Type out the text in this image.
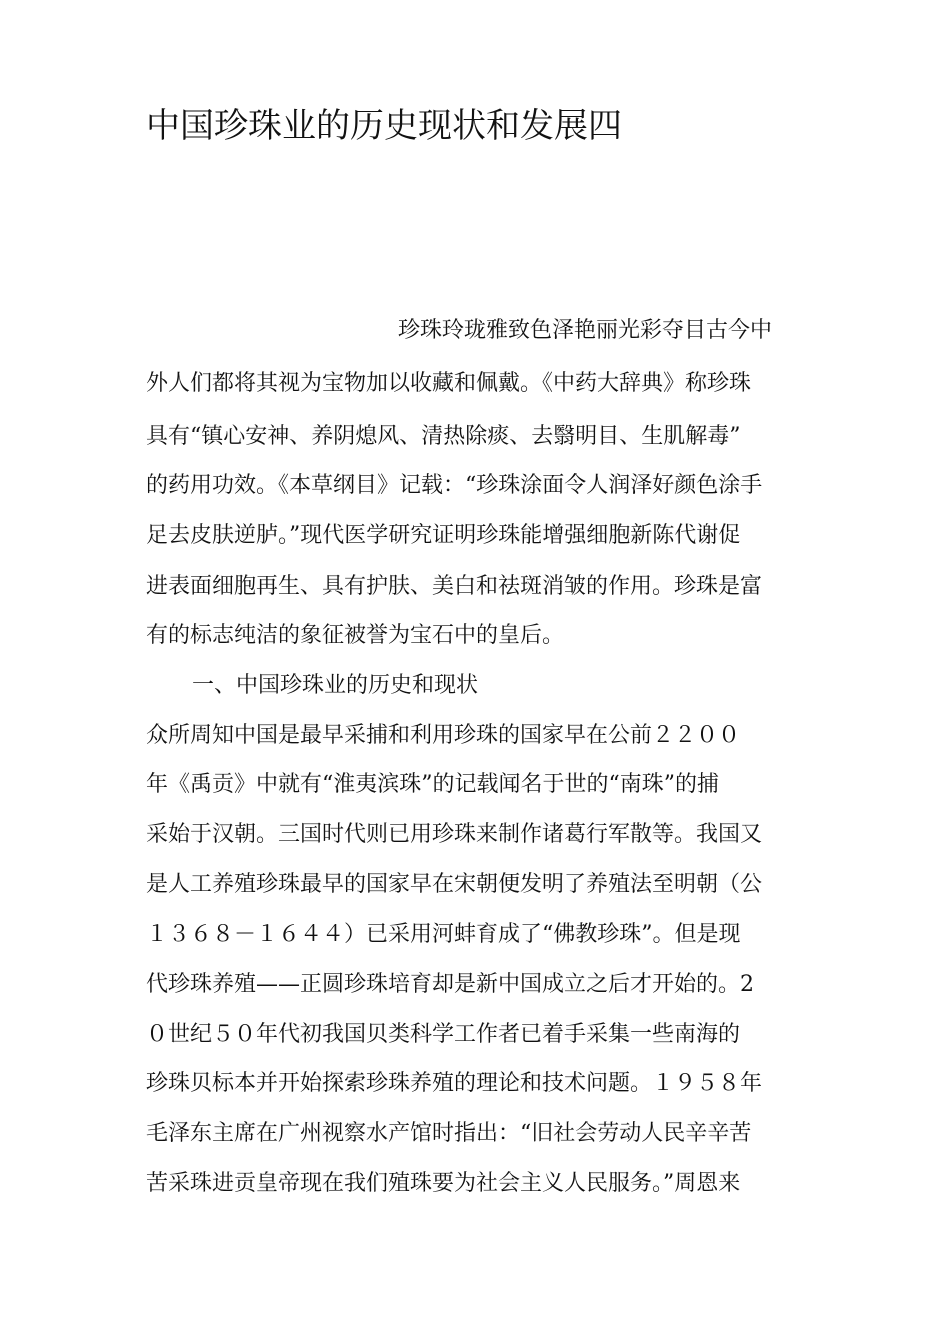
中国珍珠业的历史现状和发展四

珍珠玲珑雅致色泽艳丽光彩夺目古今中

外人们都将其视为宝物加以收藏和佩戴。《中药大辞典》称珍珠

具有“镇心安神、养阴熄风、清热除痰、去翳明目、生肌解毒”

的药用功效。《本草纲目》记载：“珍珠涂面令人润泽好颜色涂手

足去皮肤逆胪。”现代医学研究证明珍珠能增强细胞新陈代谢促

进表面细胞再生、具有护肤、美白和祛斑消皱的作用。珍珠是富

有的标志纯洁的象征被誉为宝石中的皇后。

一、中国珍珠业的历史和现状

众所周知中国是最早采捕和利用珍珠的国家早在公前２２００

年《禹贡》中就有“淮夷滨珠”的记载闻名于世的“南珠”的捕

采始于汉朝。三国时代则已用珍珠来制作诸葛行军散等。我国又

是人工养殖珍珠最早的国家早在宋朝便发明了养殖法至明朝（公

１３６８－１６４４）已采用河蚌育成了“佛教珍珠”。但是现

代珍珠养殖——正圆珍珠培育却是新中国成立之后才开始的。2

０世纪５０年代初我国贝类科学工作者已着手采集一些南海的

珍珠贝标本并开始探索珍珠养殖的理论和技术问题。１９５８年

毛泽东主席在广州视察水产馆时指出：“旧社会劳动人民辛辛苦

苦采珠进贡皇帝现在我们殖珠要为社会主义人民服务。”周恩来
